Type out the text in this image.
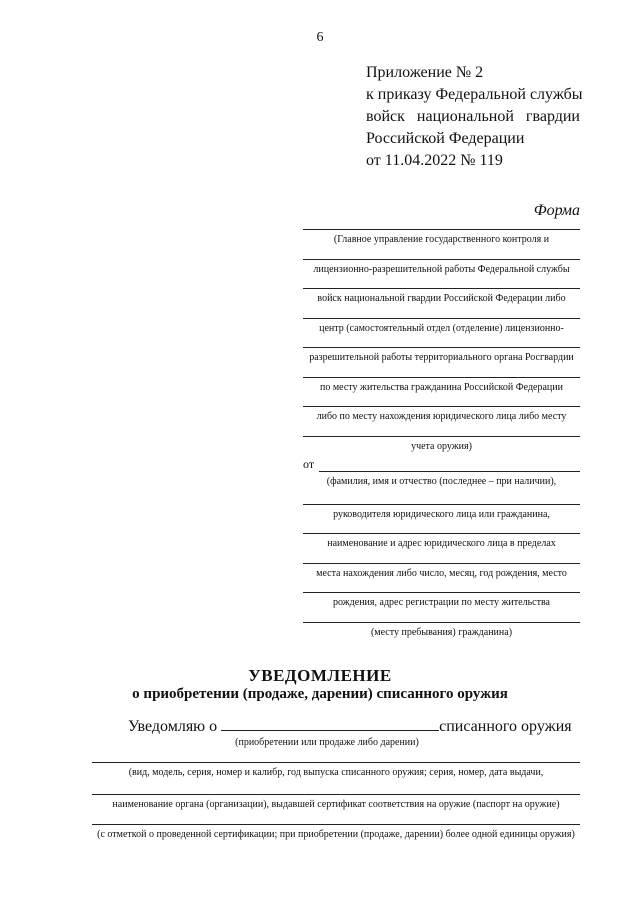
6
Приложение № 2
к приказу Федеральной службы
войск национальной гвардии
Российской Федерации
от 11.04.2022 № 119
Форма
(Главное управление государственного контроля и
лицензионно-разрешительной работы Федеральной службы
войск национальной гвардии Российской Федерации либо
центр (самостоятельный отдел (отделение) лицензионно-
разрешительной работы территориального органа Росгвардии
по месту жительства гражданина Российской Федерации
либо по месту нахождения юридического лица либо месту
учета оружия)
от
(фамилия, имя и отчество (последнее – при наличии),
руководителя юридического лица или гражданина,
наименование и адрес юридического лица в пределах
места нахождения либо число, месяц, год рождения, место
рождения, адрес регистрации по месту жительства
(месту пребывания) гражданина)
УВЕДОМЛЕНИЕ
о приобретении (продаже, дарении) списанного оружия
Уведомляю о	списанного оружия
(приобретении или продаже либо дарении)
(вид, модель, серия, номер и калибр, год выпуска списанного оружия; серия, номер, дата выдачи,
наименование органа (организации), выдавшей сертификат соответствия на оружие (паспорт на оружие)
(с отметкой о проведенной сертификации; при приобретении (продаже, дарении) более одной единицы оружия)
